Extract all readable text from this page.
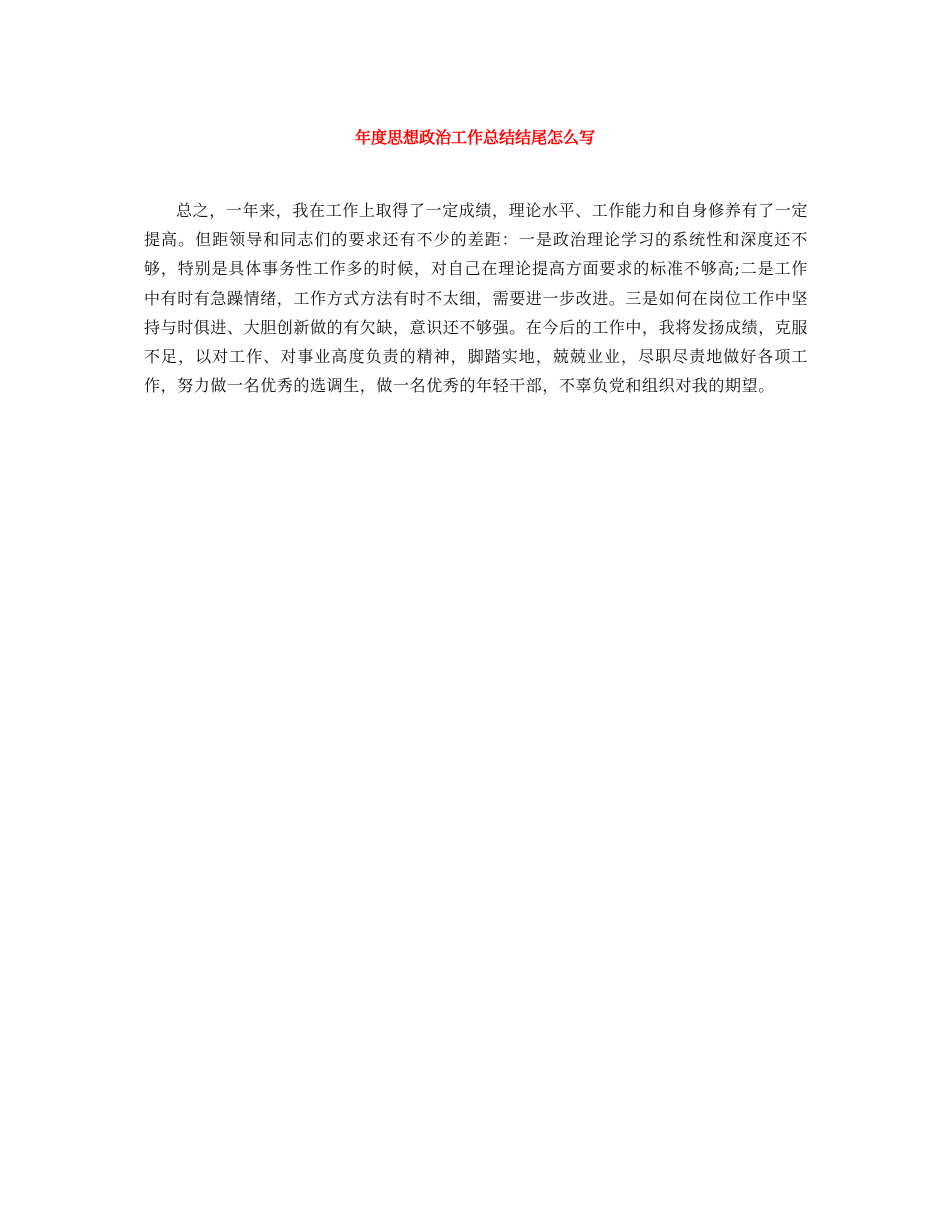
年度思想政治工作总结结尾怎么写

总之，一年来，我在工作上取得了一定成绩，理论水平、工作能力和自身修养有了一定提高。但距领导和同志们的要求还有不少的差距：一是政治理论学习的系统性和深度还不够，特别是具体事务性工作多的时候，对自己在理论提高方面要求的标准不够高;二是工作中有时有急躁情绪，工作方式方法有时不太细，需要进一步改进。三是如何在岗位工作中坚持与时俱进、大胆创新做的有欠缺，意识还不够强。在今后的工作中，我将发扬成绩，克服不足，以对工作、对事业高度负责的精神，脚踏实地，兢兢业业，尽职尽责地做好各项工作，努力做一名优秀的选调生，做一名优秀的年轻干部，不辜负党和组织对我的期望。
